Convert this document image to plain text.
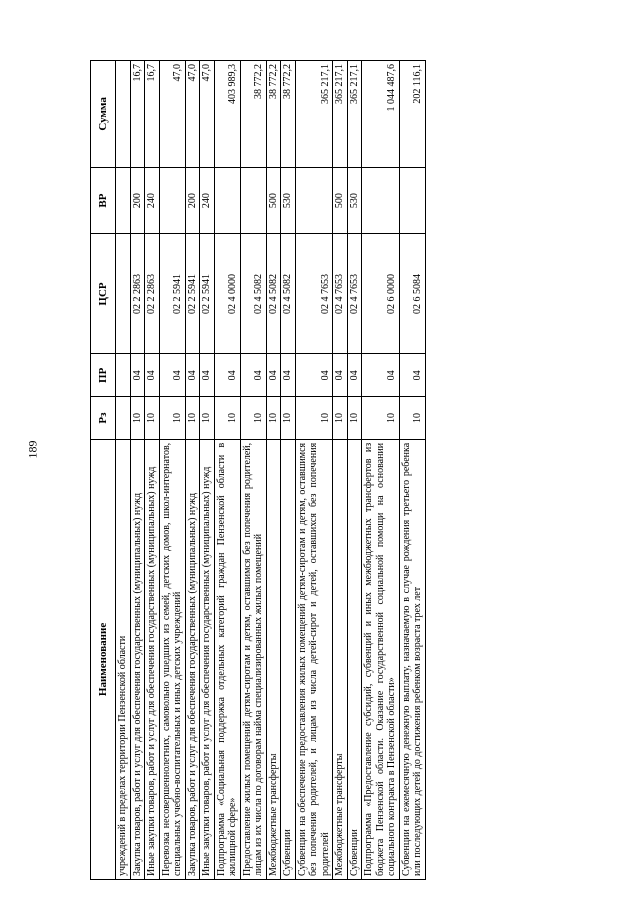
189
Наименование	Рз	ПР	ЦСР	ВР	Сумма
учреждений в пределах территории Пензенской области					
Закупка товаров, работ и услуг для обеспечения государственных (муниципальных) нужд	10	04	02 2 2863	200	16,7
Иные закупки товаров, работ и услуг для обеспечения государственных (муниципальных) нужд	10	04	02 2 2863	240	16,7
Перевозка несовершеннолетних, самовольно ушедших из семей, детских домов, школ-интернатов, специальных учебно-воспитательных и иных детских учреждений	10	04	02 2 5941		47,0
Закупка товаров, работ и услуг для обеспечения государственных (муниципальных) нужд	10	04	02 2 5941	200	47,0
Иные закупки товаров, работ и услуг для обеспечения государственных (муниципальных) нужд	10	04	02 2 5941	240	47,0
Подпрограмма «Социальная поддержка отдельных категорий граждан Пензенской области в жилищной сфере»	10	04	02 4 0000		403 989,3
Предоставление жилых помещений детям-сиротам и детям, оставшимся без попечения родителей, лицам из их числа по договорам найма специализированных жилых помещений	10	04	02 4 5082		38 772,2
Межбюджетные трансферты	10	04	02 4 5082	500	38 772,2
Субвенции	10	04	02 4 5082	530	38 772,2
Субвенции на обеспечение предоставления жилых помещений детям-сиротам и детям, оставшимся без попечения родителей, и лицам из числа детей-сирот и детей, оставшихся без попечения родителей	10	04	02 4 7653		365 217,1
Межбюджетные трансферты	10	04	02 4 7653	500	365 217,1
Субвенции	10	04	02 4 7653	530	365 217,1
Подпрограмма «Предоставление субсидий, субвенций и иных межбюджетных трансфертов из бюджета Пензенской области. Оказание государственной социальной помощи на основании социального контракта в Пензенской области»	10	04	02 6 0000		1 044 487,6
Субвенции на ежемесячную денежную выплату, назначаемую в случае рождения третьего ребенка или последующих детей до достижения ребенком возраста трех лет	10	04	02 6 5084		202 116,1
